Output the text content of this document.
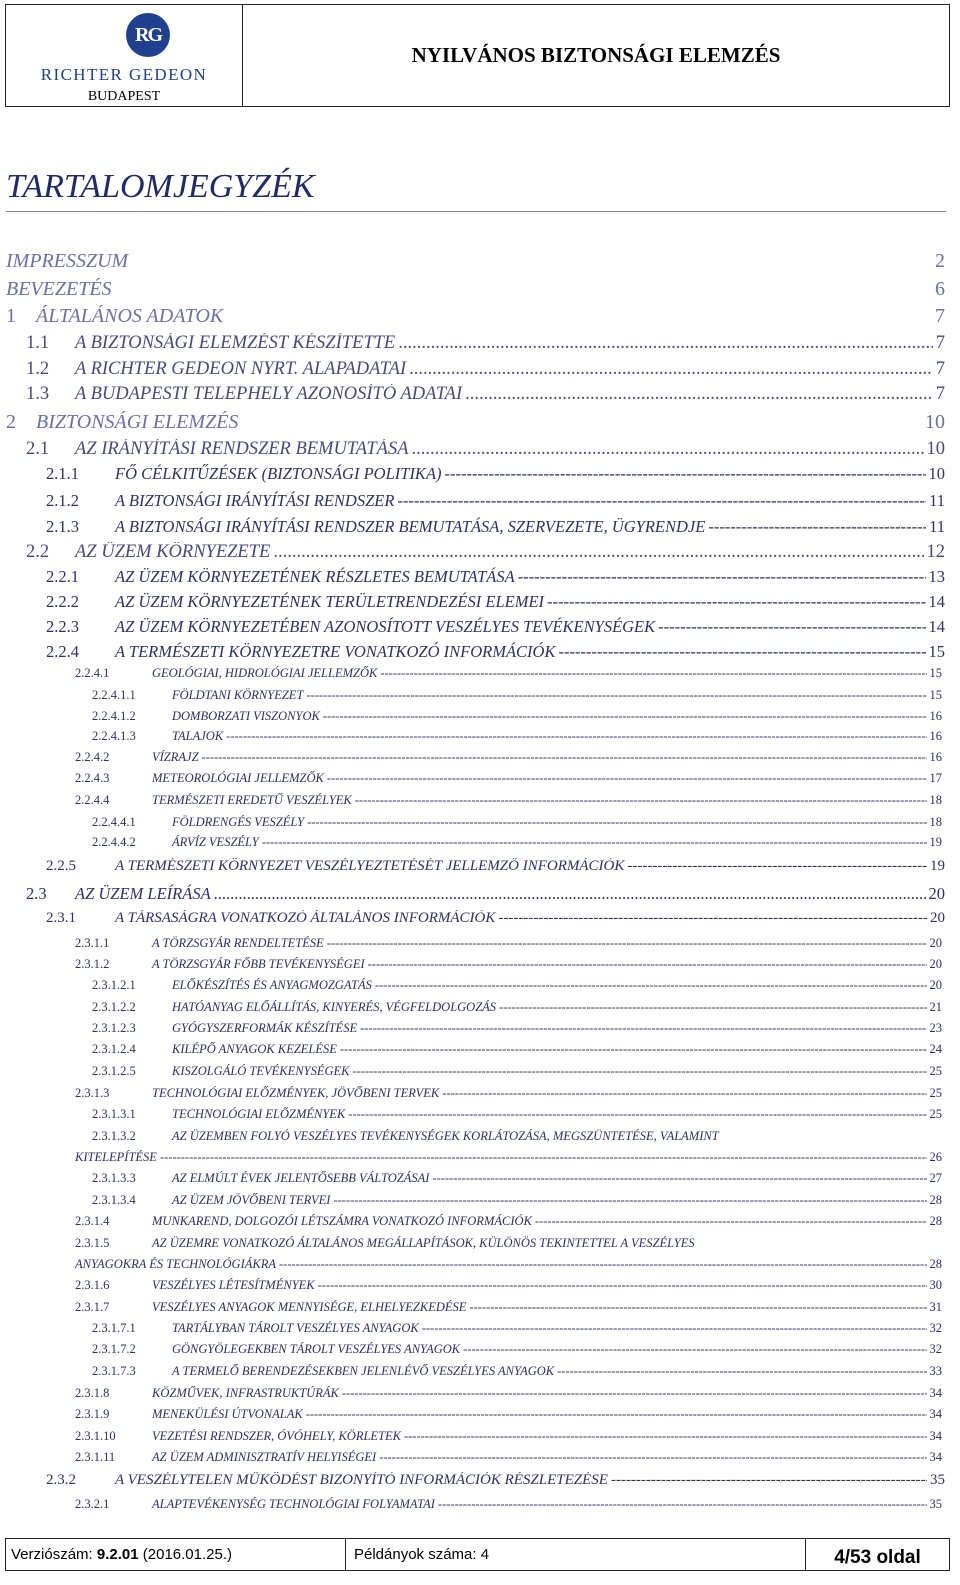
RG
RICHTER GEDEON
BUDAPEST
NYILVÁNOS BIZTONSÁGI ELEMZÉS
TARTALOMJEGYZÉK
IMPRESSZUM	2
BEVEZETÉS	6
1	ÁLTALÁNOS ADATOK	7
1.1	A BIZTONSÁGI ELEMZÉST KÉSZÍTETTE .....	7
1.2	A RICHTER GEDEON NYRT. ALAPADATAI .....	7
1.3	A BUDAPESTI TELEPHELY AZONOSÍTÓ ADATAI .....	7
2	BIZTONSÁGI ELEMZÉS	10
2.1	AZ IRÁNYÍTÁSI RENDSZER BEMUTATÁSA .....	10
2.1.1	FŐ CÉLKITŰZÉSEK (BIZTONSÁGI POLITIKA) -----	10
2.1.2	A BIZTONSÁGI IRÁNYÍTÁSI RENDSZER -----	11
2.1.3	A BIZTONSÁGI IRÁNYÍTÁSI RENDSZER BEMUTATÁSA, SZERVEZETE, ÜGYRENDJE -----	11
2.2	AZ ÜZEM KÖRNYEZETE .....	12
2.2.1	AZ ÜZEM KÖRNYEZETÉNEK RÉSZLETES BEMUTATÁSA -----	13
2.2.2	AZ ÜZEM KÖRNYEZETÉNEK TERÜLETRENDEZÉSI ELEMEI -----	14
2.2.3	AZ ÜZEM KÖRNYEZETÉBEN AZONOSÍTOTT VESZÉLYES TEVÉKENYSÉGEK -----	14
2.2.4	A TERMÉSZETI KÖRNYEZETRE VONATKOZÓ INFORMÁCIÓK -----	15
2.2.4.1	GEOLÓGIAI, HIDROLÓGIAI JELLEMZŐK -----	15
2.2.4.1.1	FÖLDTANI KÖRNYEZET -----	15
2.2.4.1.2	DOMBORZATI VISZONYOK -----	16
2.2.4.1.3	TALAJOK -----	16
2.2.4.2	VÍZRAJZ -----	16
2.2.4.3	METEOROLÓGIAI JELLEMZŐK -----	17
2.2.4.4	TERMÉSZETI EREDETŰ VESZÉLYEK -----	18
2.2.4.4.1	FÖLDRENGÉS VESZÉLY -----	18
2.2.4.4.2	ÁRVÍZ VESZÉLY -----	19
2.2.5	A TERMÉSZETI KÖRNYEZET VESZÉLYEZTETÉSÉT JELLEMZŐ INFORMÁCIÓK -----	19
2.3	AZ ÜZEM LEÍRÁSA .....	20
2.3.1	A TÁRSASÁGRA VONATKOZÓ ÁLTALÁNOS INFORMÁCIÓK -----	20
2.3.1.1	A TÖRZSGYÁR RENDELTETÉSE -----	20
2.3.1.2	A TÖRZSGYÁR FŐBB TEVÉKENYSÉGEI -----	20
2.3.1.2.1	ELŐKÉSZÍTÉS ÉS ANYAGMOZGATÁS -----	20
2.3.1.2.2	HATÓANYAG ELŐÁLLÍTÁS, KINYERÉS, VÉGFELDOLGOZÁS -----	21
2.3.1.2.3	GYÓGYSZERFORMÁK KÉSZÍTÉSE -----	23
2.3.1.2.4	KILÉPŐ ANYAGOK KEZELÉSE -----	24
2.3.1.2.5	KISZOLGÁLÓ TEVÉKENYSÉGEK -----	25
2.3.1.3	TECHNOLÓGIAI ELŐZMÉNYEK, JÖVŐBENI TERVEK -----	25
2.3.1.3.1	TECHNOLÓGIAI ELŐZMÉNYEK -----	25
2.3.1.3.2	AZ ÜZEMBEN FOLYÓ VESZÉLYES TEVÉKENYSÉGEK KORLÁTOZÁSA, MEGSZÜNTETÉSE, VALAMINT
KITELEPÍTÉSE -----	26
2.3.1.3.3	AZ ELMÚLT ÉVEK JELENTŐSEBB VÁLTOZÁSAI -----	27
2.3.1.3.4	AZ ÜZEM JÖVŐBENI TERVEI -----	28
2.3.1.4	MUNKAREND, DOLGOZÓI LÉTSZÁMRA VONATKOZÓ INFORMÁCIÓK -----	28
2.3.1.5	AZ ÜZEMRE VONATKOZÓ ÁLTALÁNOS MEGÁLLAPÍTÁSOK, KÜLÖNÖS TEKINTETTEL A VESZÉLYES
ANYAGOKRA ÉS TECHNOLÓGIÁKRA -----	28
2.3.1.6	VESZÉLYES LÉTESÍTMÉNYEK -----	30
2.3.1.7	VESZÉLYES ANYAGOK MENNYISÉGE, ELHELYEZKEDÉSE -----	31
2.3.1.7.1	TARTÁLYBAN TÁROLT VESZÉLYES ANYAGOK -----	32
2.3.1.7.2	GÖNGYÖLEGEKBEN TÁROLT VESZÉLYES ANYAGOK -----	32
2.3.1.7.3	A TERMELŐ BERENDEZÉSEKBEN JELENLÉVŐ VESZÉLYES ANYAGOK -----	33
2.3.1.8	KÖZMŰVEK, INFRASTRUKTÚRÁK -----	34
2.3.1.9	MENEKÜLÉSI ÚTVONALAK -----	34
2.3.1.10	VEZETÉSI RENDSZER, ÓVÓHELY, KÖRLETEK -----	34
2.3.1.11	AZ ÜZEM ADMINISZTRATÍV HELYISÉGEI -----	34
2.3.2	A VESZÉLYTELEN MŰKÖDÉST BIZONYÍTÓ INFORMÁCIÓK RÉSZLETEZÉSE -----	35
2.3.2.1	ALAPTEVÉKENYSÉG TECHNOLÓGIAI FOLYAMATAI -----	35
Verziószám:
9.2.01
(2016.01.25.)	Példányok száma: 4	4/53 oldal
